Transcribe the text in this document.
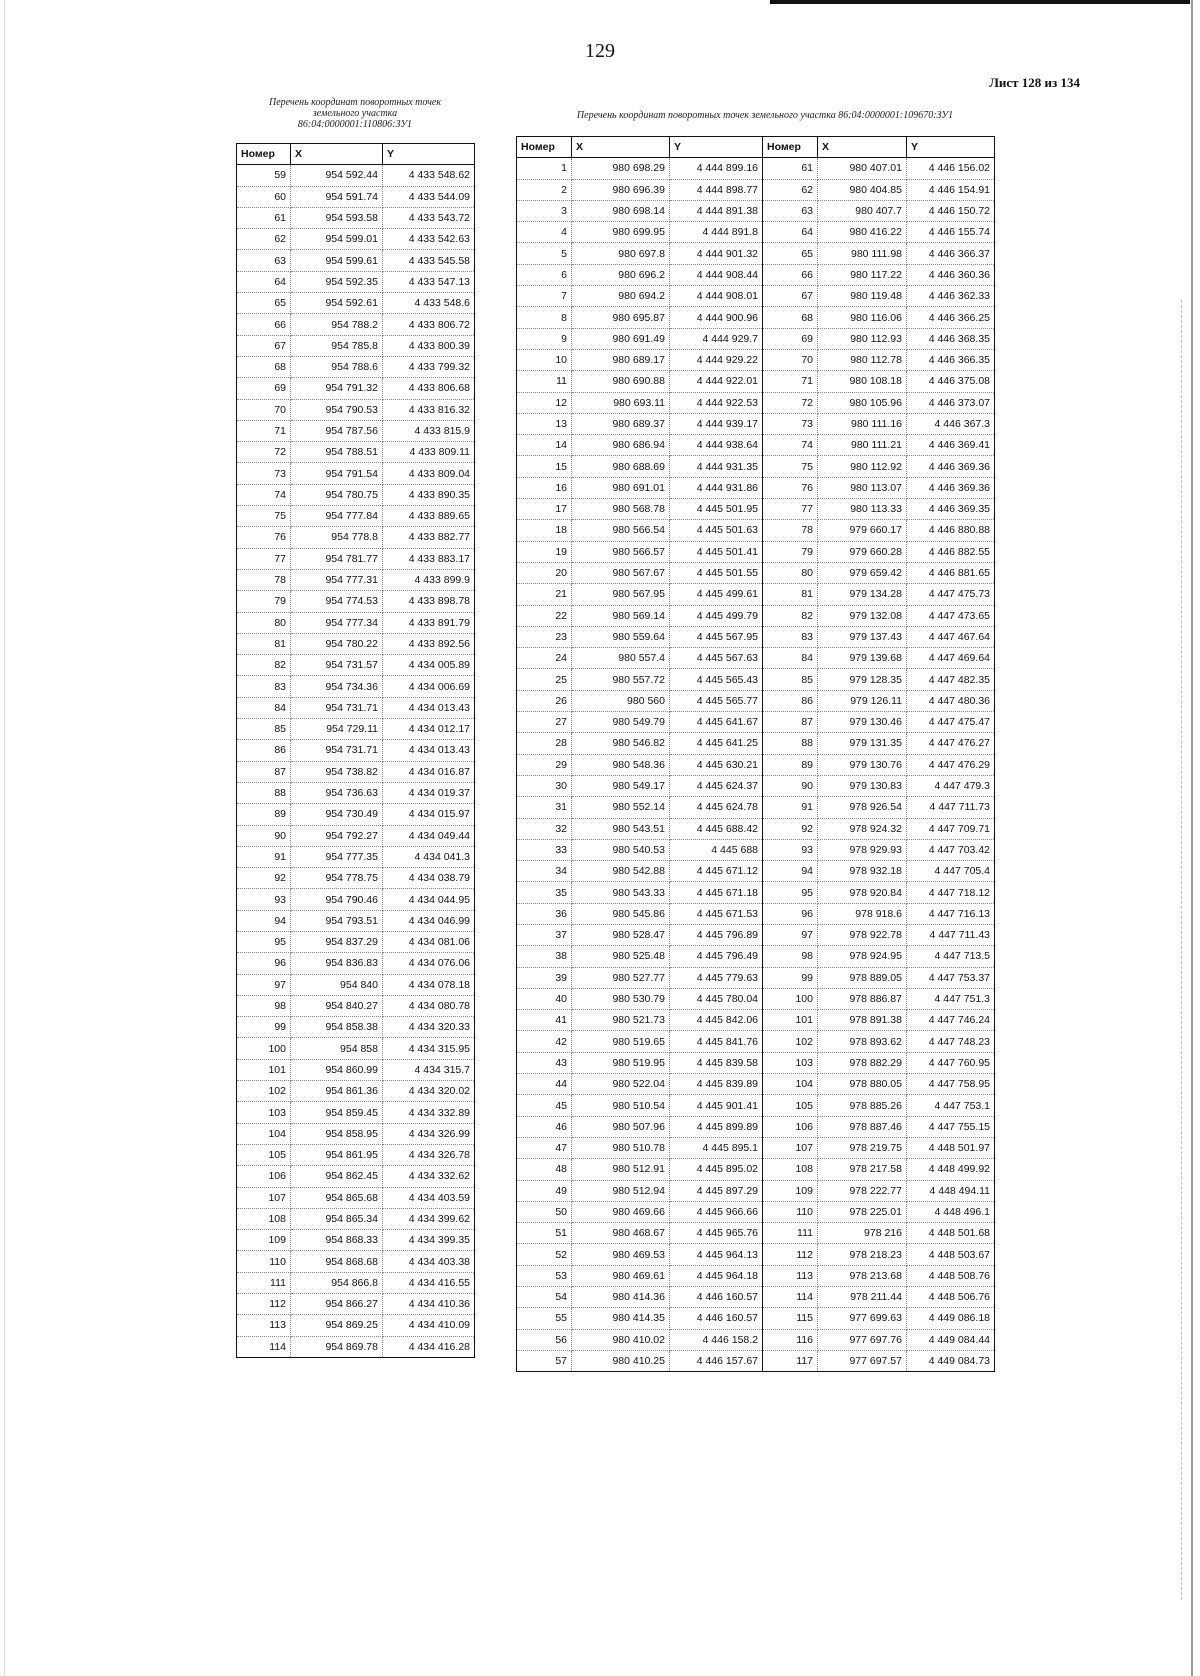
129
Лист 128 из 134
Перечень координат поворотных точек
земельного участка
86:04:0000001:110806:ЗУ1
Перечень координат поворотных точек земельного участка 86:04:0000001:109670:ЗУ1
Номер	X	Y
59	954 592.44	4 433 548.62
60	954 591.74	4 433 544.09
61	954 593.58	4 433 543.72
62	954 599.01	4 433 542.63
63	954 599.61	4 433 545.58
64	954 592.35	4 433 547.13
65	954 592.61	4 433 548.6
66	954 788.2	4 433 806.72
67	954 785.8	4 433 800.39
68	954 788.6	4 433 799.32
69	954 791.32	4 433 806.68
70	954 790.53	4 433 816.32
71	954 787.56	4 433 815.9
72	954 788.51	4 433 809.11
73	954 791.54	4 433 809.04
74	954 780.75	4 433 890.35
75	954 777.84	4 433 889.65
76	954 778.8	4 433 882.77
77	954 781.77	4 433 883.17
78	954 777.31	4 433 899.9
79	954 774.53	4 433 898.78
80	954 777.34	4 433 891.79
81	954 780.22	4 433 892.56
82	954 731.57	4 434 005.89
83	954 734.36	4 434 006.69
84	954 731.71	4 434 013.43
85	954 729.11	4 434 012.17
86	954 731.71	4 434 013.43
87	954 738.82	4 434 016.87
88	954 736.63	4 434 019.37
89	954 730.49	4 434 015.97
90	954 792.27	4 434 049.44
91	954 777.35	4 434 041.3
92	954 778.75	4 434 038.79
93	954 790.46	4 434 044.95
94	954 793.51	4 434 046.99
95	954 837.29	4 434 081.06
96	954 836.83	4 434 076.06
97	954 840	4 434 078.18
98	954 840.27	4 434 080.78
99	954 858.38	4 434 320.33
100	954 858	4 434 315.95
101	954 860.99	4 434 315.7
102	954 861.36	4 434 320.02
103	954 859.45	4 434 332.89
104	954 858.95	4 434 326.99
105	954 861.95	4 434 326.78
106	954 862.45	4 434 332.62
107	954 865.68	4 434 403.59
108	954 865.34	4 434 399.62
109	954 868.33	4 434 399.35
110	954 868.68	4 434 403.38
111	954 866.8	4 434 416.55
112	954 866.27	4 434 410.36
113	954 869.25	4 434 410.09
114	954 869.78	4 434 416.28
Номер	X	Y	Номер	X	Y
1	980 698.29	4 444 899.16	61	980 407.01	4 446 156.02
2	980 696.39	4 444 898.77	62	980 404.85	4 446 154.91
3	980 698.14	4 444 891.38	63	980 407.7	4 446 150.72
4	980 699.95	4 444 891.8	64	980 416.22	4 446 155.74
5	980 697.8	4 444 901.32	65	980 111.98	4 446 366.37
6	980 696.2	4 444 908.44	66	980 117.22	4 446 360.36
7	980 694.2	4 444 908.01	67	980 119.48	4 446 362.33
8	980 695.87	4 444 900.96	68	980 116.06	4 446 366.25
9	980 691.49	4 444 929.7	69	980 112.93	4 446 368.35
10	980 689.17	4 444 929.22	70	980 112.78	4 446 366.35
11	980 690.88	4 444 922.01	71	980 108.18	4 446 375.08
12	980 693.11	4 444 922.53	72	980 105.96	4 446 373.07
13	980 689.37	4 444 939.17	73	980 111.16	4 446 367.3
14	980 686.94	4 444 938.64	74	980 111.21	4 446 369.41
15	980 688.69	4 444 931.35	75	980 112.92	4 446 369.36
16	980 691.01	4 444 931.86	76	980 113.07	4 446 369.36
17	980 568.78	4 445 501.95	77	980 113.33	4 446 369.35
18	980 566.54	4 445 501.63	78	979 660.17	4 446 880.88
19	980 566.57	4 445 501.41	79	979 660.28	4 446 882.55
20	980 567.67	4 445 501.55	80	979 659.42	4 446 881.65
21	980 567.95	4 445 499.61	81	979 134.28	4 447 475.73
22	980 569.14	4 445 499.79	82	979 132.08	4 447 473.65
23	980 559.64	4 445 567.95	83	979 137.43	4 447 467.64
24	980 557.4	4 445 567.63	84	979 139.68	4 447 469.64
25	980 557.72	4 445 565.43	85	979 128.35	4 447 482.35
26	980 560	4 445 565.77	86	979 126.11	4 447 480.36
27	980 549.79	4 445 641.67	87	979 130.46	4 447 475.47
28	980 546.82	4 445 641.25	88	979 131.35	4 447 476.27
29	980 548.36	4 445 630.21	89	979 130.76	4 447 476.29
30	980 549.17	4 445 624.37	90	979 130.83	4 447 479.3
31	980 552.14	4 445 624.78	91	978 926.54	4 447 711.73
32	980 543.51	4 445 688.42	92	978 924.32	4 447 709.71
33	980 540.53	4 445 688	93	978 929.93	4 447 703.42
34	980 542.88	4 445 671.12	94	978 932.18	4 447 705.4
35	980 543.33	4 445 671.18	95	978 920.84	4 447 718.12
36	980 545.86	4 445 671.53	96	978 918.6	4 447 716.13
37	980 528.47	4 445 796.89	97	978 922.78	4 447 711.43
38	980 525.48	4 445 796.49	98	978 924.95	4 447 713.5
39	980 527.77	4 445 779.63	99	978 889.05	4 447 753.37
40	980 530.79	4 445 780.04	100	978 886.87	4 447 751.3
41	980 521.73	4 445 842.06	101	978 891.38	4 447 746.24
42	980 519.65	4 445 841.76	102	978 893.62	4 447 748.23
43	980 519.95	4 445 839.58	103	978 882.29	4 447 760.95
44	980 522.04	4 445 839.89	104	978 880.05	4 447 758.95
45	980 510.54	4 445 901.41	105	978 885.26	4 447 753.1
46	980 507.96	4 445 899.89	106	978 887.46	4 447 755.15
47	980 510.78	4 445 895.1	107	978 219.75	4 448 501.97
48	980 512.91	4 445 895.02	108	978 217.58	4 448 499.92
49	980 512.94	4 445 897.29	109	978 222.77	4 448 494.11
50	980 469.66	4 445 966.66	110	978 225.01	4 448 496.1
51	980 468.67	4 445 965.76	111	978 216	4 448 501.68
52	980 469.53	4 445 964.13	112	978 218.23	4 448 503.67
53	980 469.61	4 445 964.18	113	978 213.68	4 448 508.76
54	980 414.36	4 446 160.57	114	978 211.44	4 448 506.76
55	980 414.35	4 446 160.57	115	977 699.63	4 449 086.18
56	980 410.02	4 446 158.2	116	977 697.76	4 449 084.44
57	980 410.25	4 446 157.67	117	977 697.57	4 449 084.73
